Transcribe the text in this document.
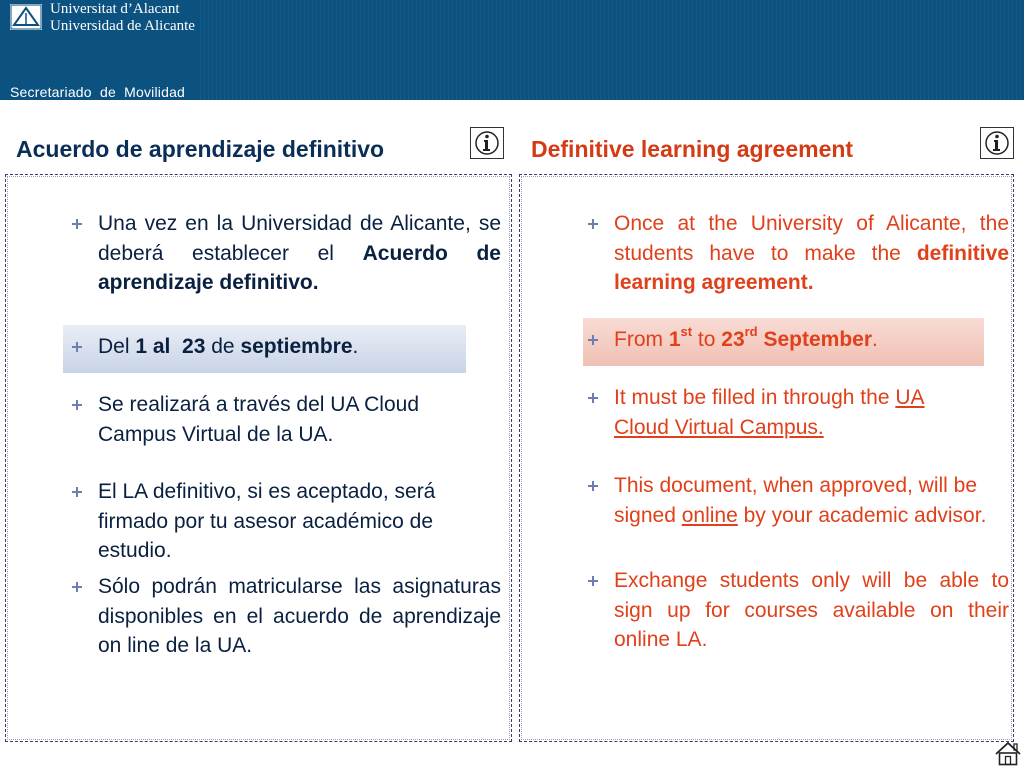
Universitat d’Alacant
Universidad de Alicante
Secretariado  de  Movilidad
Acuerdo de aprendizaje definitivo	Definitive learning agreement
Una vez en la Universidad de Alicante, se deberá establecer el Acuerdo de aprendizaje definitivo.
Del 1 al  23 de septiembre.
Se realizará a través del UA Cloud Campus Virtual de la UA.
El LA definitivo, si es aceptado, será firmado por tu asesor académico de estudio.
Sólo podrán matricularse las asignaturas disponibles en el acuerdo de aprendizaje on line de la UA.
Once at the University of Alicante, the students have to make the definitive learning agreement.
From 1st to 23rd September.
It must be filled in through the UA Cloud Virtual Campus.
This document, when approved, will be signed online by your academic advisor.
Exchange students only will be able to sign up for courses available on their  online LA.
